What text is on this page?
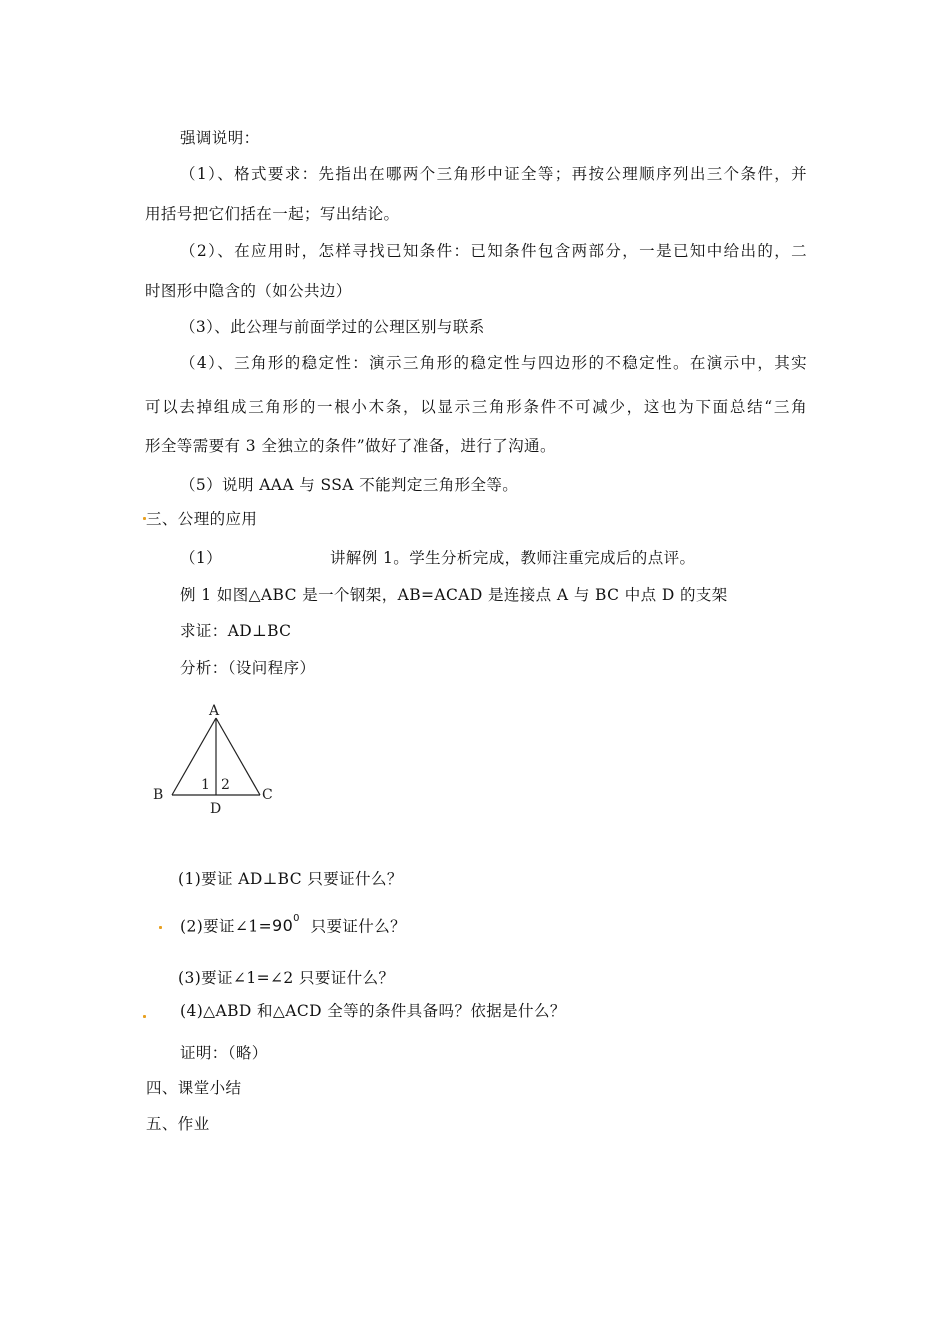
强调说明：
（1）、格式要求：先指出在哪两个三角形中证全等；再按公理顺序列出三个条件，并
用括号把它们括在一起；写出结论。
（2）、在应用时，怎样寻找已知条件：已知条件包含两部分，一是已知中给出的，二
时图形中隐含的（如公共边）
（3）、此公理与前面学过的公理区别与联系
（4）、三角形的稳定性：演示三角形的稳定性与四边形的不稳定性。在演示中，其实
可以去掉组成三角形的一根小木条，以显示三角形条件不可减少，这也为下面总结“三角
形全等需要有 3 全独立的条件”做好了准备，进行了沟通。
（5）说明 AAA 与 SSA 不能判定三角形全等。
三、公理的应用
（1）	讲解例 1。学生分析完成，教师注重完成后的点评。
例 1 如图△ABC 是一个钢架，AB=ACAD 是连接点 A 与 BC 中点 D 的支架
求证：AD⊥BC
分析：（设问程序）
A
B	C
D
1 2
(1)要证 AD⊥BC 只要证什么？
(2)要证$\angle 1=90^0$ 只要证什么？
(3)要证∠1=∠2 只要证什么？
(4)△ABD 和△ACD 全等的条件具备吗？依据是什么？
证明：（略）
四、课堂小结
五、作业
